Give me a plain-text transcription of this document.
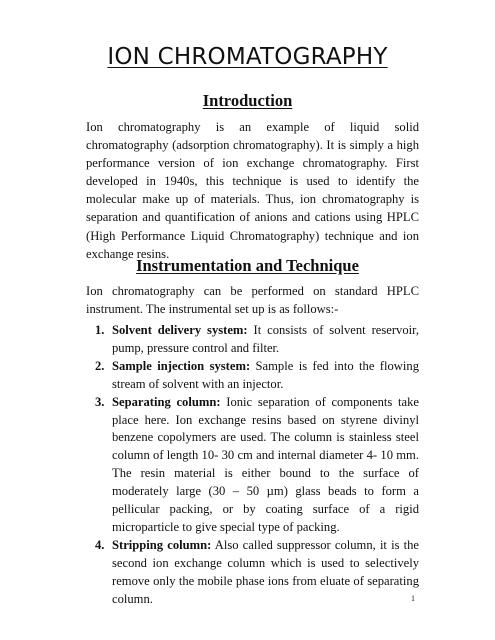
ION CHROMATOGRAPHY
Introduction

Ion chromatography is an example of liquid solid chromatography (adsorption chromatography). It is simply a high performance version of ion exchange chromatography. First developed in 1940s, this technique is used to identify the molecular make up of materials. Thus, ion chromatography is separation and quantification of anions and cations using HPLC (High Performance Liquid Chromatography) technique and ion exchange resins.

Instrumentation and Technique

Ion chromatography can be performed on standard HPLC instrument. The instrumental set up is as follows:-

1. Solvent delivery system: It consists of solvent reservoir, pump, pressure control and filter.
2. Sample injection system: Sample is fed into the flowing stream of solvent with an injector.
3. Separating column: Ionic separation of components take place here. Ion exchange resins based on styrene divinyl benzene copolymers are used. The column is stainless steel column of length 10- 30 cm and internal diameter 4- 10 mm. The resin material is either bound to the surface of moderately large (30 – 50 µm) glass beads to form a pellicular packing, or by coating surface of a rigid microparticle to give special type of packing.
4. Stripping column: Also called suppressor column, it is the second ion exchange column which is used to selectively remove only the mobile phase ions from eluate of separating column.	1
